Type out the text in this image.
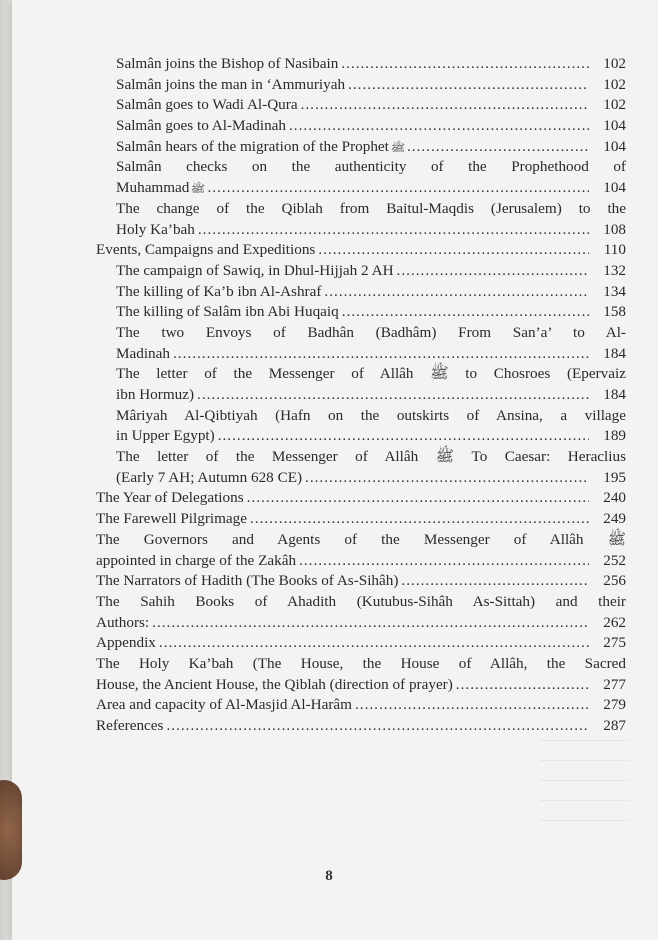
Salmân joins the Bishop of Nasibain .....	102
Salmân joins the man in ‘Ammuriyah .....	102
Salmân goes to Wadi Al-Qura .....	102
Salmân goes to Al-Madinah .....	104
Salmân hears of the migration of the Prophet ﷺ .....	104
Salmân checks on the authenticity of the Prophethood of
Muhammad ﷺ .....	104
The change of the Qiblah from Baitul-Maqdis (Jerusalem) to the
Holy Ka’bah .....	108
Events, Campaigns and Expeditions .....	110
The campaign of Sawiq, in Dhul-Hijjah 2 AH .....	132
The killing of Ka’b ibn Al-Ashraf .....	134
The killing of Salâm ibn Abi Huqaiq .....	158
The two Envoys of Badhân (Badhâm) From San’a’ to Al-
Madinah .....	184
The letter of the Messenger of Allâh ﷺ to Chosroes (Epervaiz
ibn Hormuz) .....	184
Mâriyah Al-Qibtiyah (Hafn on the outskirts of Ansina, a village
in Upper Egypt) .....	189
The letter of the Messenger of Allâh ﷺ To Caesar: Heraclius
(Early 7 AH; Autumn 628 CE) .....	195
The Year of Delegations .....	240
The Farewell Pilgrimage .....	249
The Governors and Agents of the Messenger of Allâh ﷺ
appointed in charge of the Zakâh .....	252
The Narrators of Hadith (The Books of As-Sihâh) .....	256
The Sahih Books of Ahadith (Kutubus-Sihâh As-Sittah) and their
Authors: .....	262
Appendix .....	275
The Holy Ka’bah (The House, the House of Allâh, the Sacred
House, the Ancient House, the Qiblah (direction of prayer) .....	277
Area and capacity of Al-Masjid Al-Harâm .....	279
References .....	287
8
